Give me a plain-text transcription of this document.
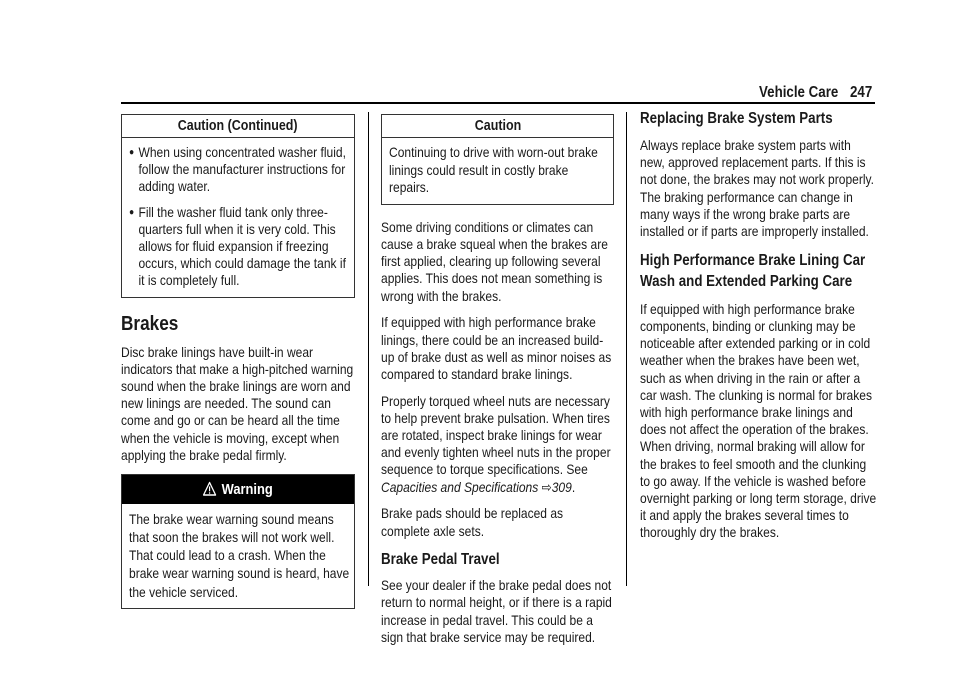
Vehicle Care 247
Caution (Continued)
● When using concentrated washer fluid, follow the manufacturer instructions for adding water.
● Fill the washer fluid tank only three-quarters full when it is very cold. This allows for fluid expansion if freezing occurs, which could damage the tank if it is completely full.
Brakes

Disc brake linings have built-in wear indicators that make a high-pitched warning sound when the brake linings are worn and new linings are needed. The sound can come and go or can be heard all the time when the vehicle is moving, except when applying the brake pedal firmly.

Warning
The brake wear warning sound means that soon the brakes will not work well. That could lead to a crash. When the brake wear warning sound is heard, have the vehicle serviced.
Caution
Continuing to drive with worn-out brake linings could result in costly brake repairs.

Some driving conditions or climates can cause a brake squeal when the brakes are first applied, clearing up following several applies. This does not mean something is wrong with the brakes.

If equipped with high performance brake linings, there could be an increased build-up of brake dust as well as minor noises as compared to standard brake linings.

Properly torqued wheel nuts are necessary to help prevent brake pulsation. When tires are rotated, inspect brake linings for wear and evenly tighten wheel nuts in the proper sequence to torque specifications. See Capacities and Specifications ⇨309.

Brake pads should be replaced as complete axle sets.

Brake Pedal Travel

See your dealer if the brake pedal does not return to normal height, or if there is a rapid increase in pedal travel. This could be a sign that brake service may be required.

Replacing Brake System Parts

Always replace brake system parts with new, approved replacement parts. If this is not done, the brakes may not work properly. The braking performance can change in many ways if the wrong brake parts are installed or if parts are improperly installed.

High Performance Brake Lining Car Wash and Extended Parking Care

If equipped with high performance brake components, binding or clunking may be noticeable after extended parking or in cold weather when the brakes have been wet, such as when driving in the rain or after a car wash. The clunking is normal for brakes with high performance brake linings and does not affect the operation of the brakes. When driving, normal braking will allow for the brakes to feel smooth and the clunking to go away. If the vehicle is washed before overnight parking or long term storage, drive it and apply the brakes several times to thoroughly dry the brakes.
